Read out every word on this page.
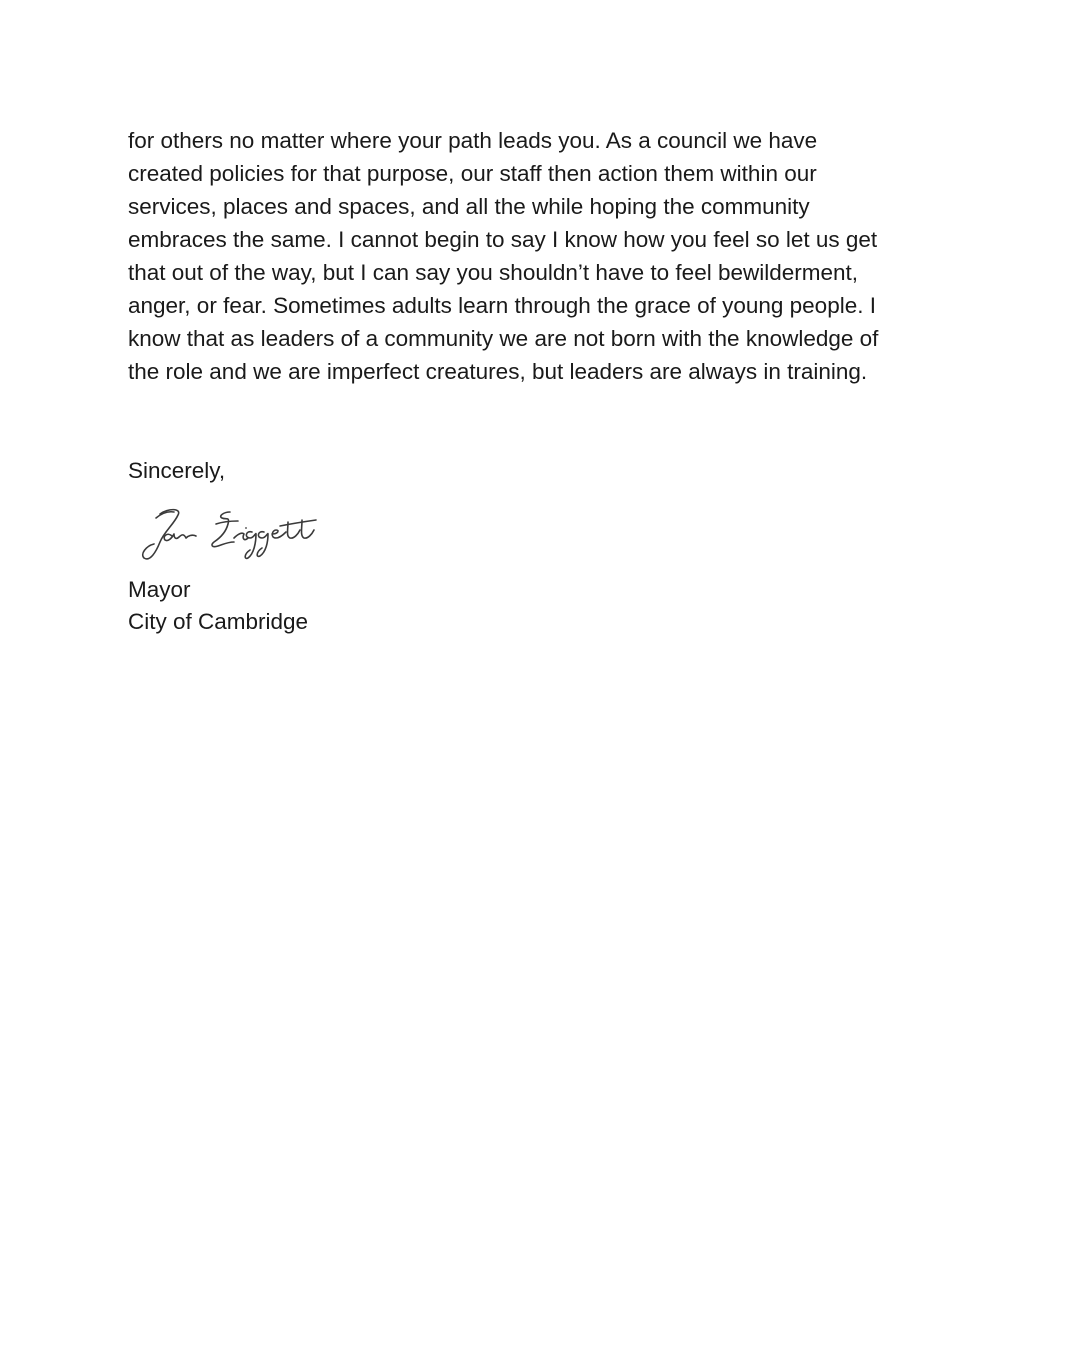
for others no matter where your path leads you. As a council we have
created policies for that purpose, our staff then action them within our
services, places and spaces, and all the while hoping the community
embraces the same. I cannot begin to say I know how you feel so let us get
that out of the way, but I can say you shouldn’t have to feel bewilderment,
anger, or fear. Sometimes adults learn through the grace of young people. I
know that as leaders of a community we are not born with the knowledge of
the role and we are imperfect creatures, but leaders are always in training.
Sincerely,
Mayor
City of Cambridge
